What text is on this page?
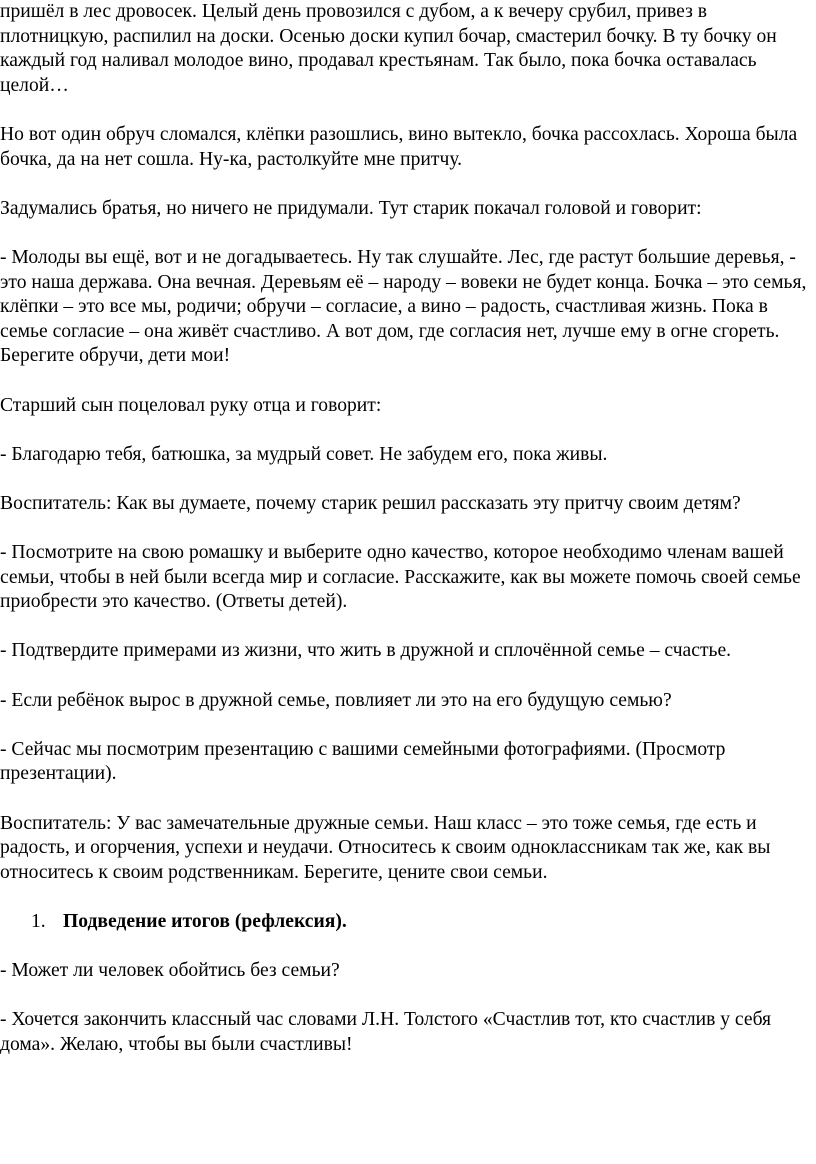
пришёл в лес дровосек. Целый день провозился с дубом, а к вечеру срубил, привез в плотницкую, распилил на доски. Осенью доски купил бочар, смастерил бочку. В ту бочку он каждый год наливал молодое вино, продавал крестьянам. Так было, пока бочка оставалась целой…

Но вот один обруч сломался, клёпки разошлись, вино вытекло, бочка рассохлась. Хороша была бочка, да на нет сошла. Ну-ка, растолкуйте мне притчу.

Задумались братья, но ничего не придумали. Тут старик покачал головой и говорит:

- Молоды вы ещё, вот и не догадываетесь. Ну так слушайте. Лес, где растут большие деревья, - это наша держава. Она вечная. Деревьям её – народу – вовеки не будет конца. Бочка – это семья, клёпки – это все мы, родичи; обручи – согласие, а вино – радость, счастливая жизнь. Пока в семье согласие – она живёт счастливо. А вот дом, где согласия нет, лучше ему в огне сгореть. Берегите обручи, дети мои!

Старший сын поцеловал руку отца и говорит:

- Благодарю тебя, батюшка, за мудрый совет. Не забудем его, пока живы.

Воспитатель: Как вы думаете, почему старик решил рассказать эту притчу своим детям?

- Посмотрите на свою ромашку и выберите одно качество, которое необходимо членам вашей семьи, чтобы в ней были всегда мир и согласие. Расскажите, как вы можете помочь своей семье приобрести это качество. (Ответы детей).

- Подтвердите примерами из жизни, что жить в дружной и сплочённой семье – счастье.

- Если ребёнок вырос в дружной семье, повлияет ли это на его будущую семью?

- Сейчас мы посмотрим презентацию с вашими семейными фотографиями. (Просмотр презентации).

Воспитатель: У вас замечательные дружные семьи. Наш класс – это тоже семья, где есть и радость, и огорчения, успехи и неудачи. Относитесь к своим одноклассникам так же, как вы относитесь к своим родственникам. Берегите, цените свои семьи.

1. Подведение итогов (рефлексия).

- Может ли человек обойтись без семьи?

- Хочется закончить классный час словами Л.Н. Толстого «Счастлив тот, кто счастлив у себя дома». Желаю, чтобы вы были счастливы!
